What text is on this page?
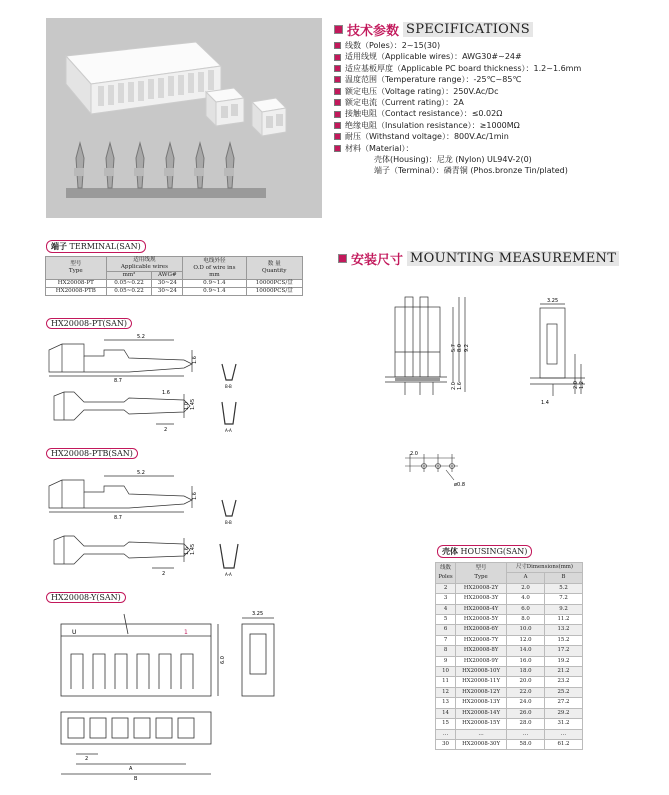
技术参数 SPECIFICATIONS
线数（Poles）：2~15(30)
适用线规（Applicable wires）：AWG30#~24#
适应基板厚度（Applicable PC board thickness）：1.2~1.6mm
温度范围（Temperature range）：-25℃~85℃
额定电压（Voltage rating）：250V.Ac/Dc
额定电流（Current rating）：2A
接触电阻（Contact resistance）：≤0.02Ω
绝缘电阻（Insulation resistance）：≥1000MΩ
耐压（Withstand voltage）：800V.Ac/1min
材料（Material）：
壳体(Housing)：尼龙 (Nylon) UL94V-2(0)
端子（Terminal）：磷青铜 (Phos.bronze Tin/plated)
端子 TERMINAL(SAN)
型号
Type	适用线规
Applicable wires		电线外径
O.D of wire ins
mm	数 量
Quantity
	mm²	AWG#		
HX20008-PT	0.05~0.22	30~24	0.9~1.4	10000PCS/盘
HX20008-PTB	0.05~0.22	30~24	0.9~1.4	10000PCS/盘
安装尺寸 MOUNTING MEASUREMENT
5.7 8.0 9.2
2.0 1.6
3.25
2.0 1.2
1.4
2.0
ø0.8
HX20008-PT(SAN)
5.2
8.7
1.6
1.6
1.0 1.45
2
B-B
A-A
HX20008-PTB(SAN)
5.2
8.7
1.6
1.6 1.45
2
B-B
A-A
HX20008-Y(SAN)
U	1
6.0
2
A
B
3.25
壳体 HOUSING(SAN)
线数
Poles	型号
Type	尺寸Dimensions(mm)	
		A	B
2	HX20008-2Y	2.0	5.2
3	HX20008-3Y	4.0	7.2
4	HX20008-4Y	6.0	9.2
5	HX20008-5Y	8.0	11.2
6	HX20008-6Y	10.0	13.2
7	HX20008-7Y	12.0	15.2
8	HX20008-8Y	14.0	17.2
9	HX20008-9Y	16.0	19.2
10	HX20008-10Y	18.0	21.2
11	HX20008-11Y	20.0	23.2
12	HX20008-12Y	22.0	25.2
13	HX20008-13Y	24.0	27.2
14	HX20008-14Y	26.0	29.2
15	HX20008-15Y	28.0	31.2
…	…	…	…
30	HX20008-30Y	58.0	61.2
